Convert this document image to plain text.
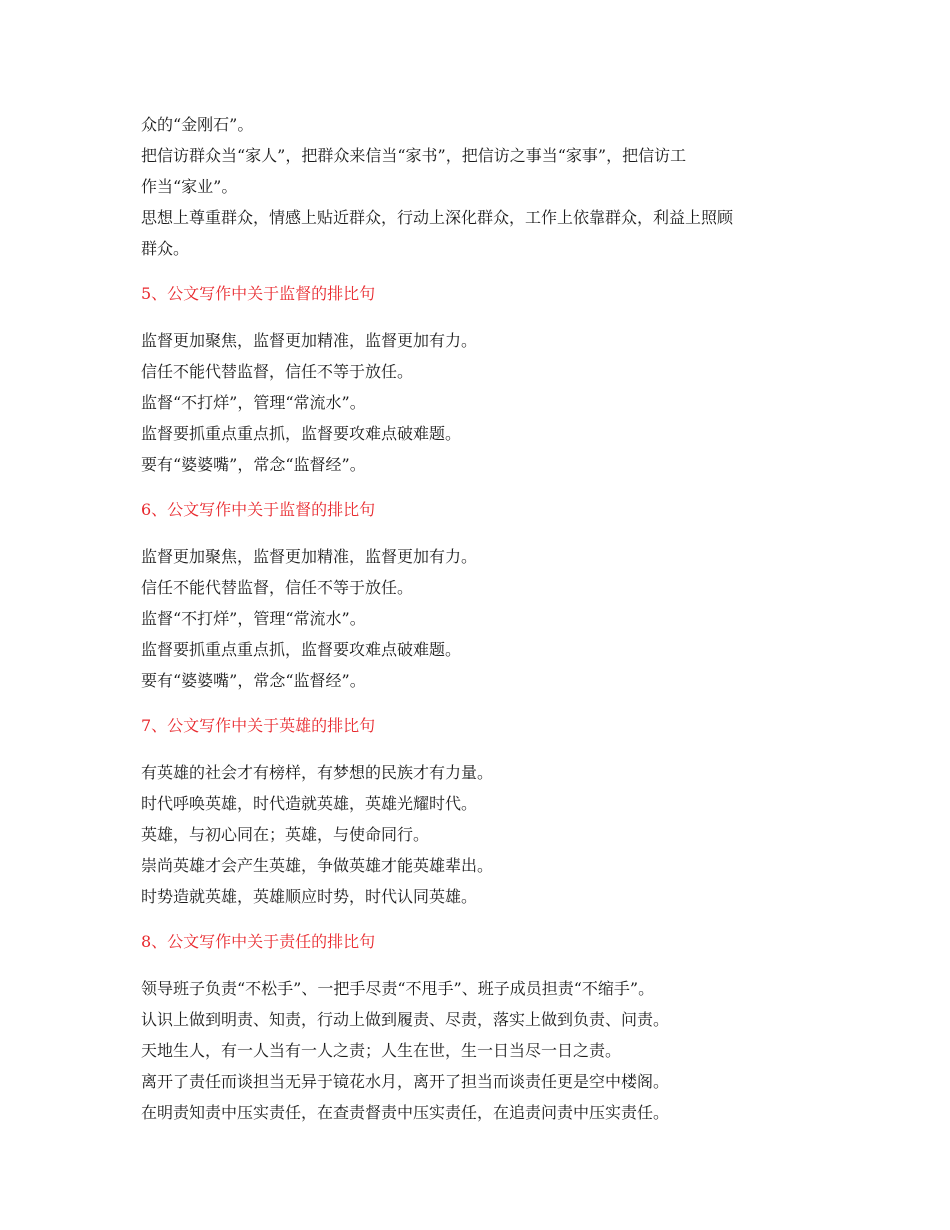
众的“金刚石”。

把信访群众当“家人”，把群众来信当“家书”，把信访之事当“家事”，把信访工

作当“家业”。

思想上尊重群众，情感上贴近群众，行动上深化群众，工作上依靠群众，利益上照顾

群众。

5、公文写作中关于监督的排比句

监督更加聚焦，监督更加精准，监督更加有力。

信任不能代替监督，信任不等于放任。

监督“不打烊”，管理“常流水”。

监督要抓重点重点抓，监督要攻难点破难题。

要有“婆婆嘴”，常念“监督经”。

6、公文写作中关于监督的排比句

监督更加聚焦，监督更加精准，监督更加有力。

信任不能代替监督，信任不等于放任。

监督“不打烊”，管理“常流水”。

监督要抓重点重点抓，监督要攻难点破难题。

要有“婆婆嘴”，常念“监督经”。

7、公文写作中关于英雄的排比句

有英雄的社会才有榜样，有梦想的民族才有力量。

时代呼唤英雄，时代造就英雄，英雄光耀时代。

英雄，与初心同在；英雄，与使命同行。

崇尚英雄才会产生英雄，争做英雄才能英雄辈出。

时势造就英雄，英雄顺应时势，时代认同英雄。

8、公文写作中关于责任的排比句

领导班子负责“不松手”、一把手尽责“不甩手”、班子成员担责“不缩手”。

认识上做到明责、知责，行动上做到履责、尽责，落实上做到负责、问责。

天地生人，有一人当有一人之责；人生在世，生一日当尽一日之责。

离开了责任而谈担当无异于镜花水月，离开了担当而谈责任更是空中楼阁。

在明责知责中压实责任，在查责督责中压实责任，在追责问责中压实责任。
